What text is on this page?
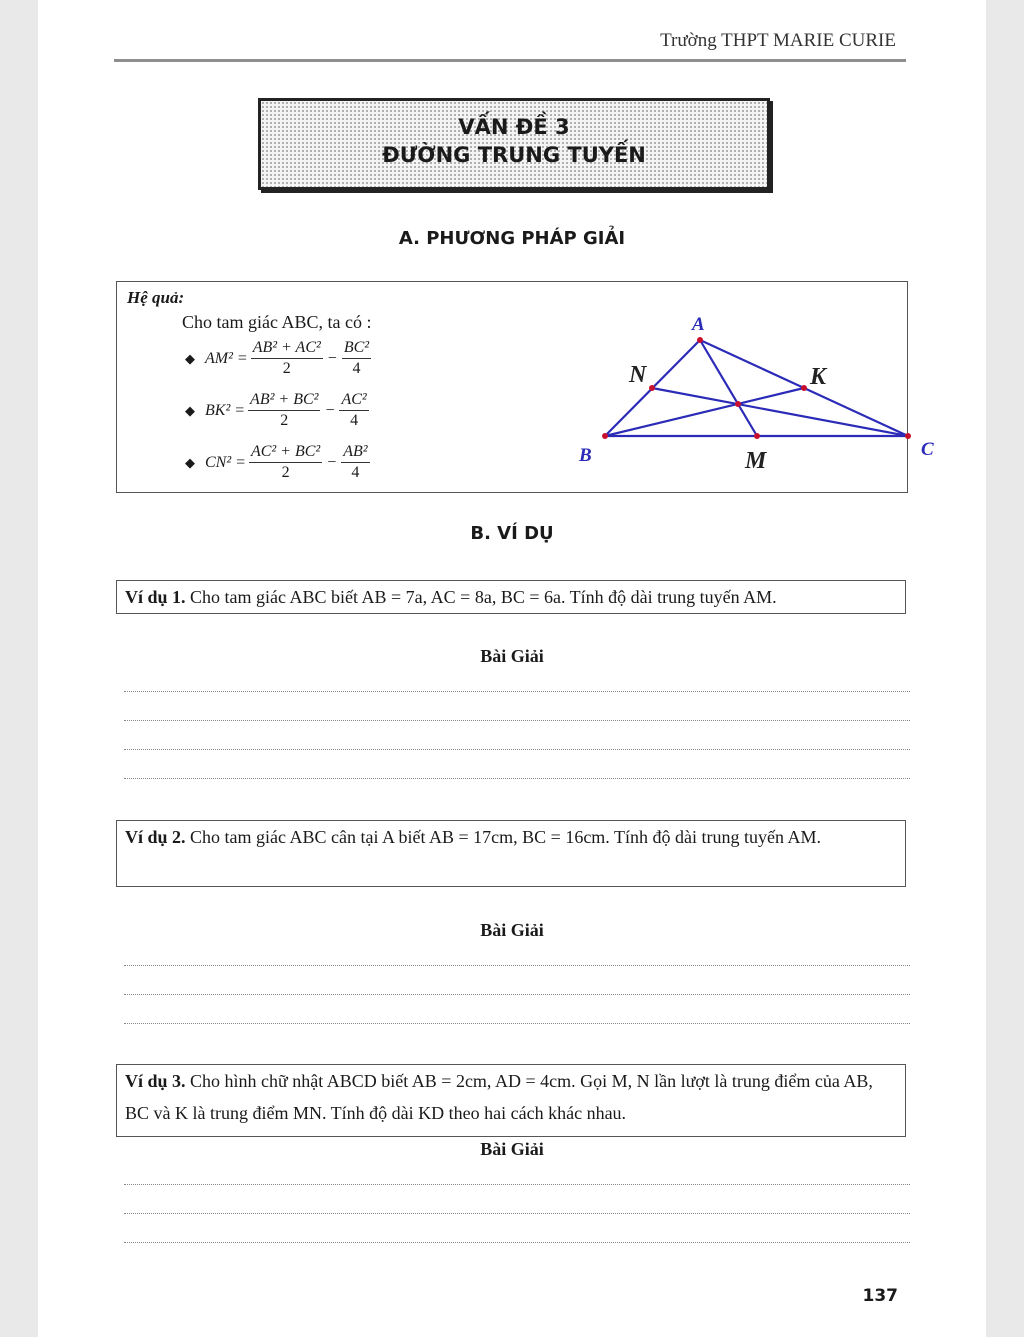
Trường THPT MARIE CURIE
VẤN ĐỀ 3
ĐƯỜNG TRUNG TUYẾN
A. PHƯƠNG PHÁP GIẢI
Hệ quả:
Cho tam giác ABC, ta có :
◆ $AM^2 = \frac{\text{AB² + AC²}}{2} - \frac{\text{BC²}}{4}$
◆ $BK^2 = \frac{\text{AB² + BC²}}{2} - \frac{\text{AC²}}{4}$
◆ $CN^2 = \frac{\text{AC² + BC²}}{2} - \frac{\text{AB²}}{4}$
A
B	C
M
N	K
B. VÍ DỤ
Ví dụ 1. Cho tam giác ABC biết AB = 7a, AC = 8a, BC = 6a. Tính độ dài trung tuyến AM.
Bài Giải
Ví dụ 2. Cho tam giác ABC cân tại A biết AB = 17cm, BC = 16cm. Tính độ dài trung tuyến AM.
Bài Giải
Ví dụ 3. Cho hình chữ nhật ABCD biết AB = 2cm, AD = 4cm. Gọi M, N lần lượt là trung điểm của AB, BC và K là trung điểm MN. Tính độ dài KD theo hai cách khác nhau.
Bài Giải
137
